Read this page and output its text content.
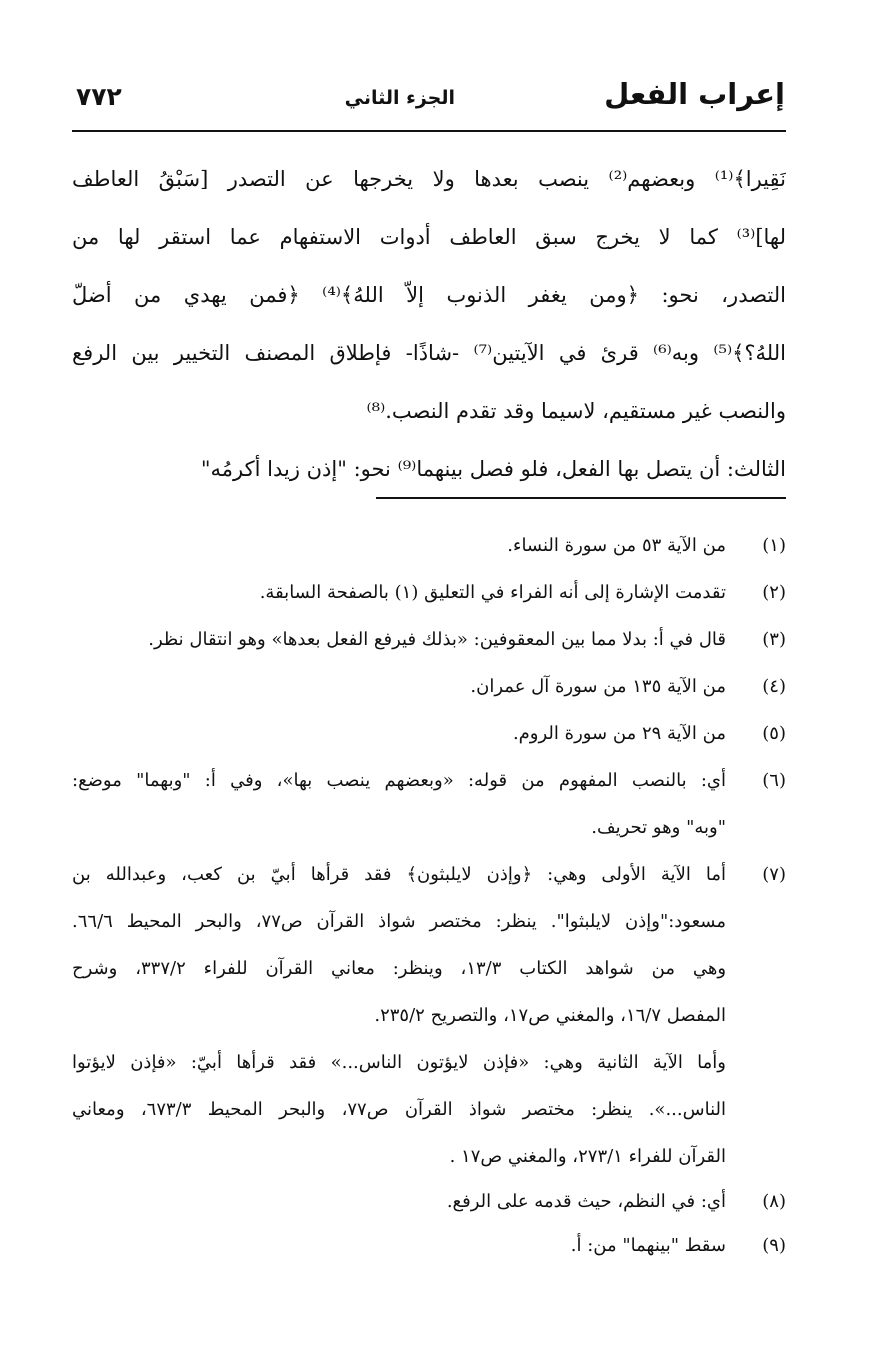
إعراب الفعل
الجزء الثاني
٧٧٢
نَقِيرا﴾⁽¹⁾ وبعضهم⁽²⁾ ينصب بعدها ولا يخرجها عن التصدر [سَبْقُ العاطف
لها]⁽³⁾ كما لا يخرج سبق العاطف أدوات الاستفهام عما استقر لها من
التصدر، نحو: ﴿ومن يغفر الذنوب إلاّ اللهُ﴾⁽⁴⁾ ﴿فمن يهدي من أضلّ
اللهُ؟﴾⁽⁵⁾ وبه⁽⁶⁾ قرئ في الآيتين⁽⁷⁾ -شاذًا- فإطلاق المصنف التخيير بين الرفع
والنصب غير مستقيم، لاسيما وقد تقدم النصب.⁽⁸⁾
الثالث: أن يتصل بها الفعل، فلو فصل بينهما⁽⁹⁾ نحو: "إذن زيدا أكرمُه"
(١)
من الآية ٥٣ من سورة النساء.
(٢)
تقدمت الإشارة إلى أنه الفراء في التعليق (١) بالصفحة السابقة.
(٣)
قال في أ: بدلا مما بين المعقوفين: «بذلك فيرفع الفعل بعدها» وهو انتقال نظر.
(٤)
من الآية ١٣٥ من سورة آل عمران.
(٥)
من الآية ٢٩ من سورة الروم.
(٦)
أي: بالنصب المفهوم من قوله: «وبعضهم ينصب بها»، وفي أ: "وبهما" موضع:
"وبه" وهو تحريف.
(٧)
أما الآية الأولى وهي: ﴿وإذن لايلبثون﴾ فقد قرأها أبيّ بن كعب، وعبدالله بن
مسعود:"وإذن لايلبثوا". ينظر: مختصر شواذ القرآن ص٧٧، والبحر المحيط ٦٦/٦.
وهي من شواهد الكتاب ١٣/٣، وينظر: معاني القرآن للفراء ٣٣٧/٢، وشرح
المفصل ١٦/٧، والمغني ص١٧، والتصريح ٢٣٥/٢.
وأما الآية الثانية وهي: «فإذن لايؤتون الناس...» فقد قرأها أبيّ: «فإذن لايؤتوا
الناس...». ينظر: مختصر شواذ القرآن ص٧٧، والبحر المحيط ٦٧٣/٣، ومعاني
القرآن للفراء ٢٧٣/١، والمغني ص١٧ .
(٨)
أي: في النظم، حيث قدمه على الرفع.
(٩)
سقط "بينهما" من: أ.
